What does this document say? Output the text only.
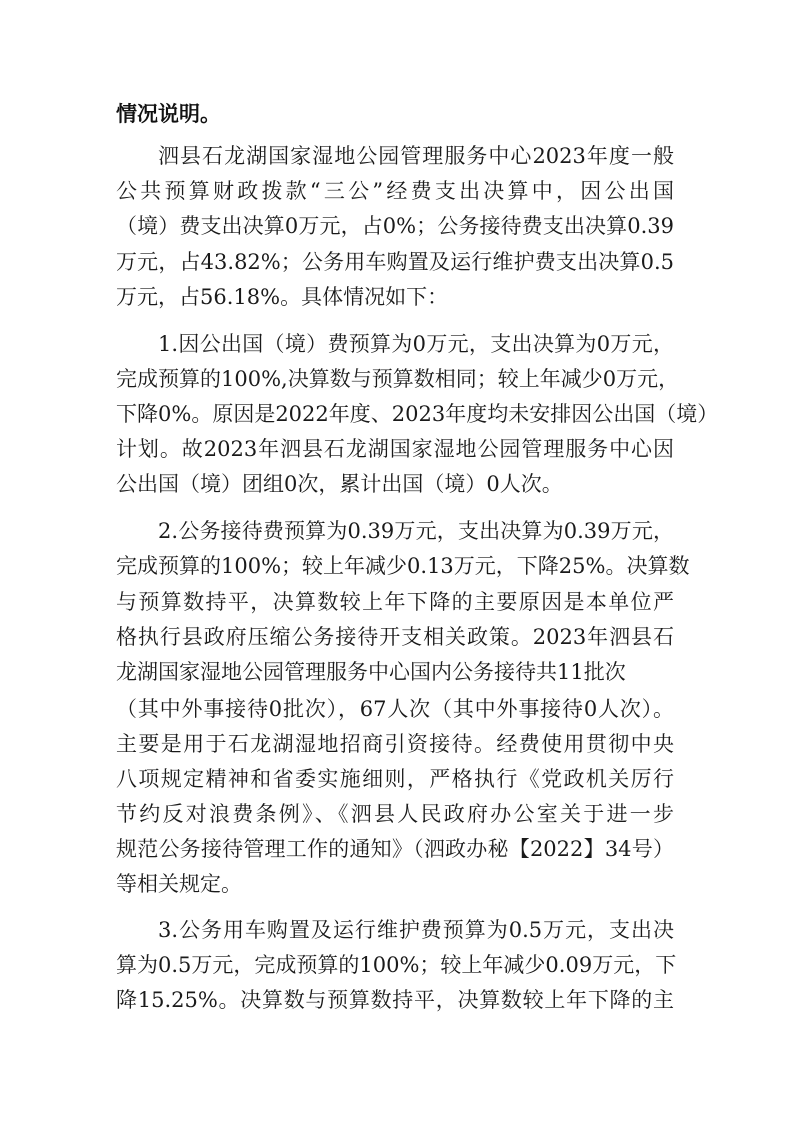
情况说明。

泗县石龙湖国家湿地公园管理服务中心2023年度一般

公共预算财政拨款“三公”经费支出决算中，因公出国

（境）费支出决算0万元，占0%；公务接待费支出决算0.39

万元，占43.82%；公务用车购置及运行维护费支出决算0.5

万元，占56.18%。具体情况如下：

1.因公出国（境）费预算为0万元，支出决算为0万元，

完成预算的100%,决算数与预算数相同；较上年减少0万元，

下降0%。原因是2022年度、2023年度均未安排因公出国（境）

计划。故2023年泗县石龙湖国家湿地公园管理服务中心因

公出国（境）团组0次，累计出国（境）0人次。

2.公务接待费预算为0.39万元，支出决算为0.39万元，

完成预算的100%；较上年减少0.13万元，下降25%。决算数

与预算数持平，决算数较上年下降的主要原因是本单位严

格执行县政府压缩公务接待开支相关政策。2023年泗县石

龙湖国家湿地公园管理服务中心国内公务接待共11批次

（其中外事接待0批次），67人次（其中外事接待0人次）。

主要是用于石龙湖湿地招商引资接待。经费使用贯彻中央

八项规定精神和省委实施细则，严格执行《党政机关厉行

节约反对浪费条例》、《泗县人民政府办公室关于进一步

规范公务接待管理工作的通知》（泗政办秘【2022】34号）

等相关规定。

3.公务用车购置及运行维护费预算为0.5万元，支出决

算为0.5万元，完成预算的100%；较上年减少0.09万元，下

降15.25%。决算数与预算数持平，决算数较上年下降的主
